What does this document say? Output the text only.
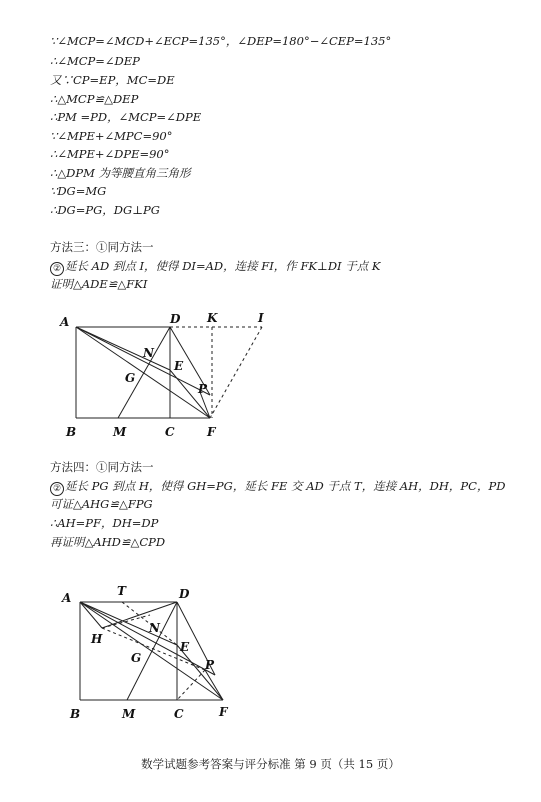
∵∠MCP=∠MCD+∠ECP=135°，∠DEP=180°−∠CEP=135°
∴∠MCP=∠DEP
又∵CP=EP，MC=DE
∴△MCP≌△DEP
∴PM =PD，∠MCP=∠DPE
∵∠MPE+∠MPC=90°
∴∠MPE+∠DPE=90°
∴△DPM 为等腰直角三角形
∵DG=MG
∴DG=PG，DG⊥PG
方法三：①同方法一
② 延长 AD 到点 I，使得 DI=AD，连接 FI，作 FK⊥DI 于点 K
证明△ADE≌△FKI
A	D K	I
N
E
G
P
B	M	C	F
方法四：①同方法一
② 延长 PG 到点 H，使得 GH=PG，延长 FE 交 AD 于点 T，连接 AH，DH，PC，PD
可证△AHG≌△FPG
∴AH=PF，DH=DP
再证明△AHD≌△CPD
A	T	D
N
H
E
G	P
B	M	C	F
数学试题参考答案与评分标准 第 9 页（共 15 页）
